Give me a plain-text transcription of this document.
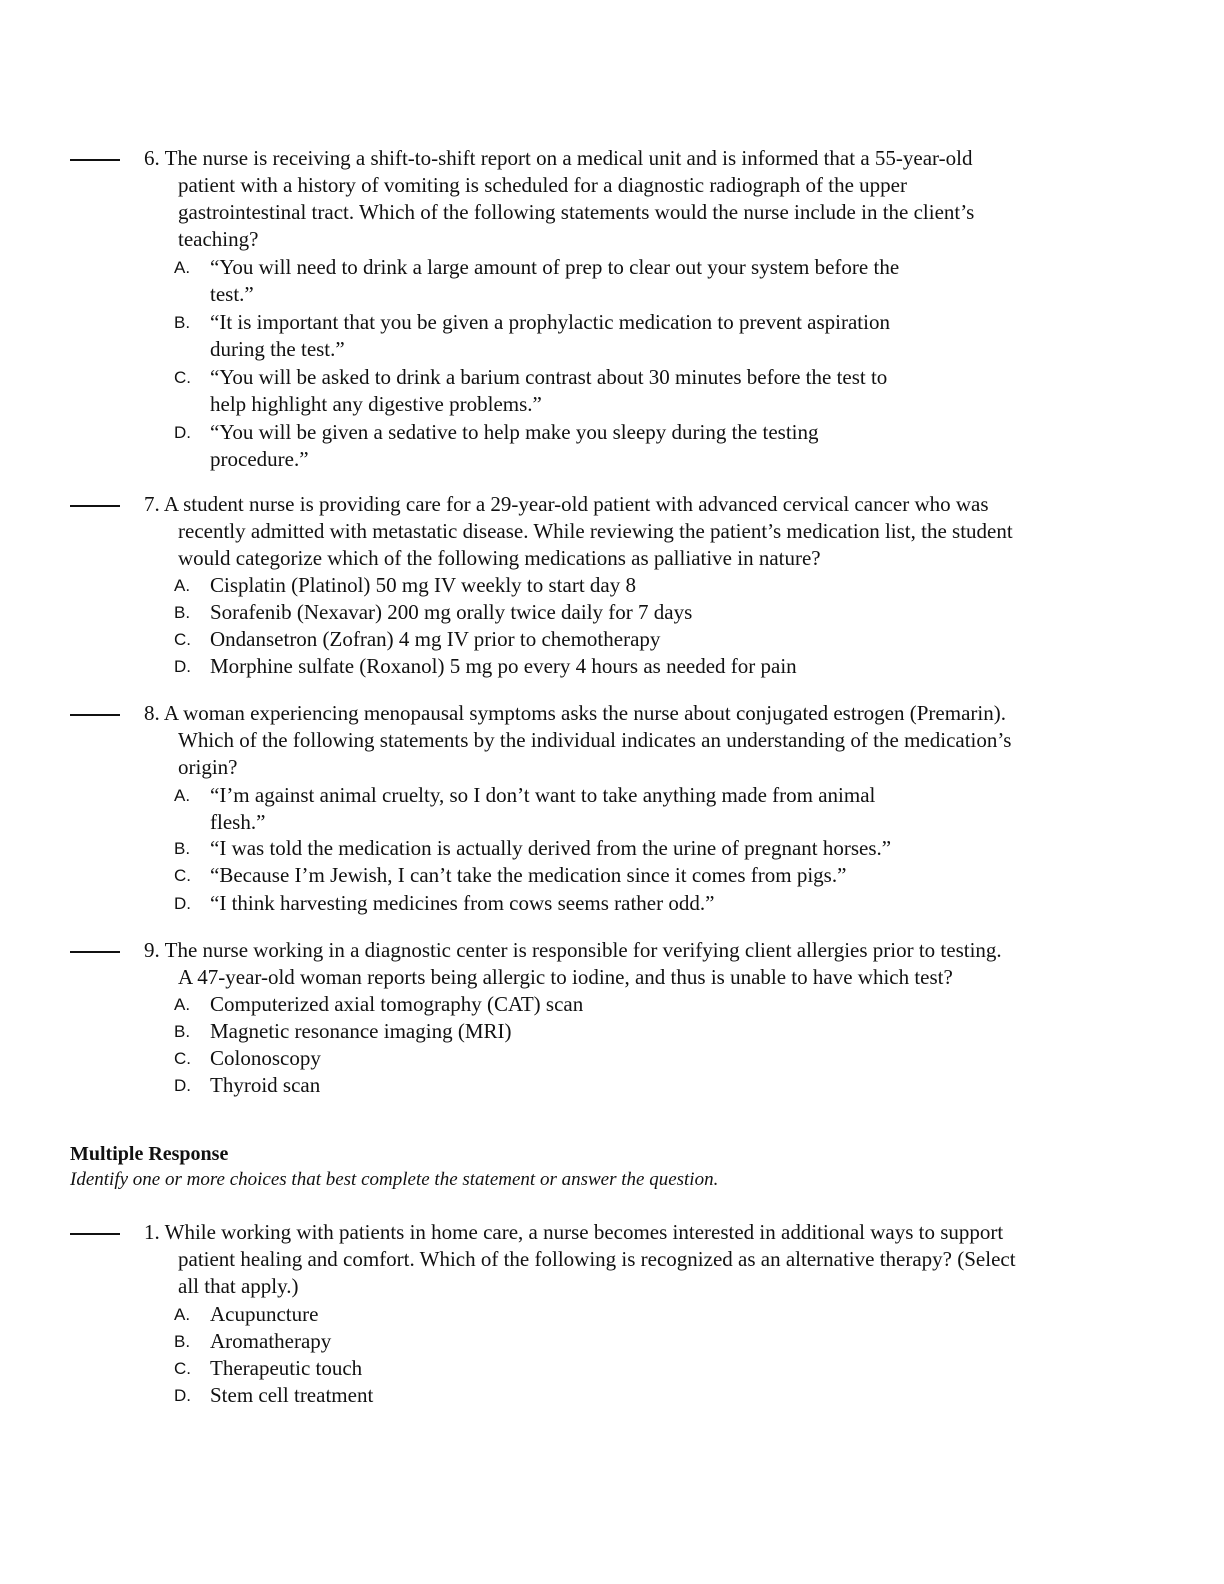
6. The nurse is receiving a shift-to-shift report on a medical unit and is informed that a 55-year-old
patient with a history of vomiting is scheduled for a diagnostic radiograph of the upper
gastrointestinal tract. Which of the following statements would the nurse include in the client’s
teaching?
A. “You will need to drink a large amount of prep to clear out your system before the
test.”
B. “It is important that you be given a prophylactic medication to prevent aspiration
during the test.”
C. “You will be asked to drink a barium contrast about 30 minutes before the test to
help highlight any digestive problems.”
D. “You will be given a sedative to help make you sleepy during the testing
procedure.”
7. A student nurse is providing care for a 29-year-old patient with advanced cervical cancer who was
recently admitted with metastatic disease. While reviewing the patient’s medication list, the student
would categorize which of the following medications as palliative in nature?
A. Cisplatin (Platinol) 50 mg IV weekly to start day 8
B. Sorafenib (Nexavar) 200 mg orally twice daily for 7 days
C. Ondansetron (Zofran) 4 mg IV prior to chemotherapy
D. Morphine sulfate (Roxanol) 5 mg po every 4 hours as needed for pain
8. A woman experiencing menopausal symptoms asks the nurse about conjugated estrogen (Premarin).
Which of the following statements by the individual indicates an understanding of the medication’s
origin?
A. “I’m against animal cruelty, so I don’t want to take anything made from animal
flesh.”
B. “I was told the medication is actually derived from the urine of pregnant horses.”
C. “Because I’m Jewish, I can’t take the medication since it comes from pigs.”
D. “I think harvesting medicines from cows seems rather odd.”
9. The nurse working in a diagnostic center is responsible for verifying client allergies prior to testing.
A 47-year-old woman reports being allergic to iodine, and thus is unable to have which test?
A. Computerized axial tomography (CAT) scan
B. Magnetic resonance imaging (MRI)
C. Colonoscopy
D. Thyroid scan
Multiple Response

Identify one or more choices that best complete the statement or answer the question.

1. While working with patients in home care, a nurse becomes interested in additional ways to support
patient healing and comfort. Which of the following is recognized as an alternative therapy? (Select
all that apply.)
A. Acupuncture
B. Aromatherapy
C. Therapeutic touch
D. Stem cell treatment
